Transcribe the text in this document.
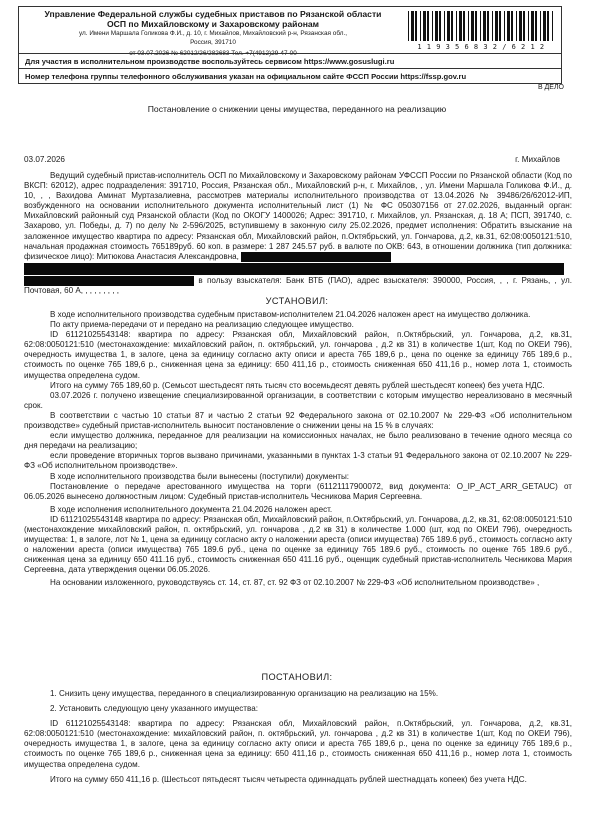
Управление Федеральной службы судебных приставов по Рязанской области
ОСП по Михайловскому и Захаровскому районам
ул. Имени Маршала Голикова Ф.И., д. 10, г. Михайлов, Михайловский р-н, Рязанская обл.,
Россия, 391710
от 03.07.2026 № 62012/26/282683 Тел. +7(4912)29-47-00
1 1 9 3 5 6 8 3 2 / 6 2 1 2
Для участия в исполнительном производстве воспользуйтесь сервисом https://www.gosuslugi.ru
Номер телефона группы телефонного обслуживания указан на официальном сайте ФССП России https://fssp.gov.ru
В ДЕЛО
Постановление о снижении цены имущества, переданного на реализацию
03.07.2026	г. Михайлов

Ведущий судебный пристав-исполнитель ОСП по Михайловскому и Захаровскому районам УФССП России по Рязанской области (Код по ВКСП: 62012), адрес подразделения: 391710, Россия, Рязанская обл., Михайловский р-н, г. Михайлов, , ул. Имени Маршала Голикова Ф.И., д. 10, , , Вахидова Аминат Муртазалиевна, рассмотрев материалы исполнительного производства от 13.04.2026 № 39486/26/62012-ИП, возбужденного на основании исполнительного документа исполнительный лист (1) № ФС 050307156 от 27.02.2026, выданный орган: Михайловский районный суд Рязанской области (Код по ОКОГУ 1400026; Адрес: 391710, г. Михайлов, ул. Рязанская, д. 18 А; ПСП, 391740, с. Захарово, ул. Победы, д. 7) по делу № 2-596/2025, вступившему в законную силу 25.02.2026, предмет исполнения: Обратить взыскание на заложенное имущество квартира по адресу: Рязанская обл, Михайловский район, п.Октябрьский, ул. Гончарова, д.2, кв.31, 62:08:0050121:510, начальная продажная стоимость 765189руб. 60 коп. в размере: 1 287 245.57 руб. в валюте по ОКВ: 643, в отношении должника (тип должника: физическое лицо): Митюкова Анастасия Александровна,

в пользу взыскателя: Банк ВТБ (ПАО), адрес взыскателя: 390000, Россия, , , г. Рязань, , ул. Почтовая, 60 А, , , , , , , , ,

УСТАНОВИЛ:

В ходе исполнительного производства судебным приставом-исполнителем 21.04.2026 наложен арест на имущество должника.

По акту приема-передачи от и передано на реализацию следующее имущество.

ID 61121025543148: квартира по адресу: Рязанская обл, Михайловский район, п.Октябрьский, ул. Гончарова, д.2, кв.31, 62:08:0050121:510 (местонахождение: михайловский район, п. октябрьский, ул. гончарова , д.2 кв 31) в количестве 1(шт, Код по ОКЕИ 796), очередность имущества 1, в залоге, цена за единицу согласно акту описи и ареста 765 189,6 р., цена по оценке за единицу 765 189,6 р., стоимость по оценке 765 189,6 р., сниженная цена за единицу: 650 411,16 р., стоимость сниженная 650 411,16 р., номер лота 1, стоимость имущества определена судом.

Итого на сумму 765 189,60 р. (Семьсот шестьдесят пять тысяч сто восемьдесят девять рублей шестьдесят копеек) без учета НДС.

03.07.2026 г. получено извещение специализированной организации, в соответствии с которым имущество нереализовано в месячный срок.

В соответствии с частью 10 статьи 87 и частью 2 статьи 92 Федерального закона от 02.10.2007 № 229-ФЗ «Об исполнительном производстве» судебный пристав-исполнитель выносит постановление о снижении цены на 15 % в случаях:

если имущество должника, переданное для реализации на комиссионных началах, не было реализовано в течение одного месяца со дня передачи на реализацию;

если проведение вторичных торгов вызвано причинами, указанными в пунктах 1-3 статьи 91 Федерального закона от 02.10.2007 № 229-ФЗ «Об исполнительном производстве».

В ходе исполнительного производства были вынесены (поступили) документы:

Постановление о передаче арестованного имущества на торги (61121117900072, вид документа: O_IP_ACT_ARR_GETAUC) от 06.05.2026 вынесено должностным лицом: Судебный пристав-исполнитель Чесникова Мария Сергеевна.

В ходе исполнения исполнительного документа 21.04.2026 наложен арест.

ID 61121025543148 квартира по адресу: Рязанская обл, Михайловский район, п.Октябрьский, ул. Гончарова, д.2, кв.31, 62:08:0050121:510 (местонахождение михайловский район, п. октябрьский, ул. гончарова , д.2 кв 31) в количестве 1.000 (шт, код по ОКЕИ 796), очередность имущества: 1, в залоге, лот № 1, цена за единицу согласно акту о наложении ареста (описи имущества) 765 189.6 руб., стоимость согласно акту о наложении ареста (описи имущества) 765 189.6 руб., цена по оценке за единицу 765 189.6 руб., стоимость по оценке 765 189.6 руб., сниженная цена за единицу 650 411.16 руб., стоимость сниженная 650 411.16 руб., оценщик судебный пристав-исполнитель Чесникова Мария Сергеевна, дата утверждения оценки 06.05.2026.

На основании изложенного, руководствуясь ст. 14, ст. 87, ст. 92 ФЗ от 02.10.2007 № 229-ФЗ «Об исполнительном производстве» ,

ПОСТАНОВИЛ:

1. Снизить цену имущества, переданного в специализированную организацию на реализацию на 15%.

2. Установить следующую цену указанного имущества:

ID 61121025543148: квартира по адресу: Рязанская обл, Михайловский район, п.Октябрьский, ул. Гончарова, д.2, кв.31, 62:08:0050121:510 (местонахождение: михайловский район, п. октябрьский, ул. гончарова , д.2 кв 31) в количестве 1(шт, Код по ОКЕИ 796), очередность имущества 1, в залоге, цена за единицу согласно акту описи и ареста 765 189,6 р., цена по оценке за единицу 765 189,6 р., стоимость по оценке 765 189,6 р., сниженная цена за единицу: 650 411,16 р., стоимость сниженная 650 411,16 р., номер лота 1, стоимость имущества определена судом.

Итого на сумму 650 411,16 р. (Шестьсот пятьдесят тысяч четыреста одиннадцать рублей шестнадцать копеек) без учета НДС.
